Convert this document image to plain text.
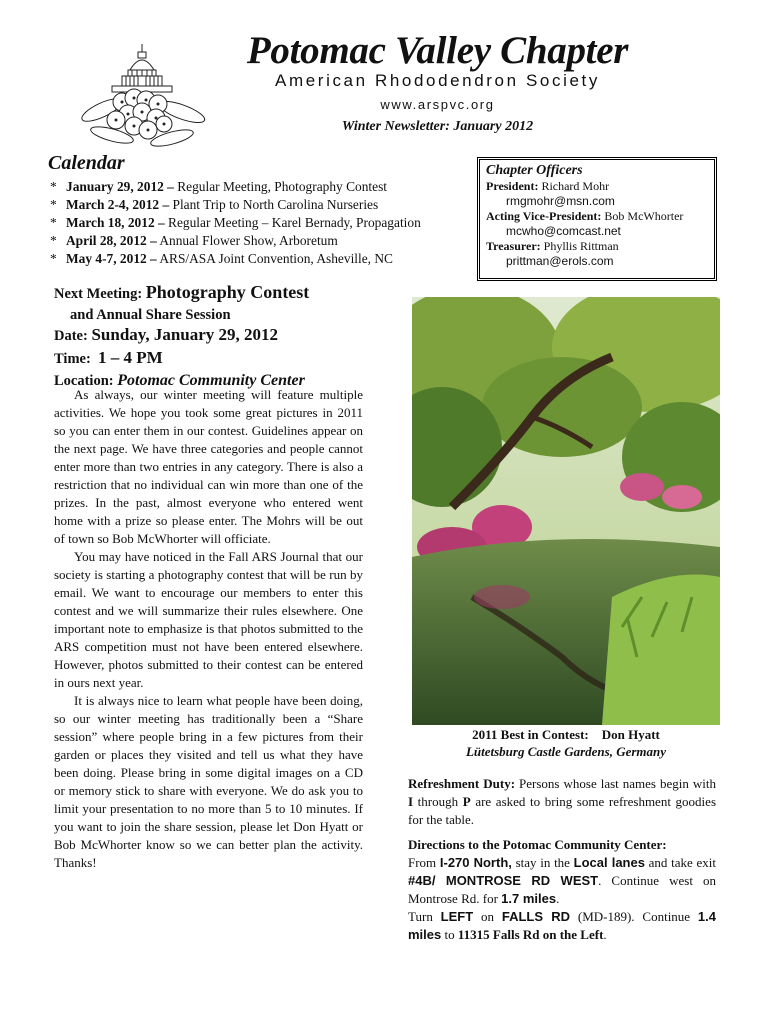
Potomac Valley Chapter
American Rhododendron Society
www.arspvc.org
Winter Newsletter: January 2012
Calendar
* January 29, 2012 – Regular Meeting, Photography Contest
* March 2-4, 2012 – Plant Trip to North Carolina Nurseries
* March 18, 2012 – Regular Meeting – Karel Bernady, Propagation
* April 28, 2012 – Annual Flower Show, Arboretum
* May 4-7, 2012 – ARS/ASA Joint Convention, Asheville, NC
Chapter Officers
President: Richard Mohr
rmgmohr@msn.com
Acting Vice-President: Bob McWhorter
mcwho@comcast.net
Treasurer: Phyllis Rittman
prittman@erols.com
Next Meeting: Photography Contest
and Annual Share Session
Date: Sunday, January 29, 2012
Time: 1 – 4 PM
Location: Potomac Community Center

As always, our winter meeting will feature multiple activities. We hope you took some great pictures in 2011 so you can enter them in our contest. Guidelines appear on the next page. We have three categories and people cannot enter more than two entries in any category. There is also a restriction that no individual can win more than one of the prizes. In the past, almost everyone who entered went home with a prize so please enter. The Mohrs will be out of town so Bob McWhorter will officiate.

You may have noticed in the Fall ARS Journal that our society is starting a photography contest that will be run by email. We want to encourage our members to enter this contest and we will summarize their rules elsewhere. One important note to emphasize is that photos submitted to the ARS competition must not have been entered elsewhere. However, photos submitted to their contest can be entered in ours next year.

It is always nice to learn what people have been doing, so our winter meeting has traditionally been a “Share session” where people bring in a few pictures from their garden or places they visited and tell us what they have been doing. Please bring in some digital images on a CD or memory stick to share with everyone. We do ask you to limit your presentation to no more than 5 to 10 minutes. If you want to join the share session, please let Don Hyatt or Bob McWhorter know so we can better plan the activity. Thanks!

2011 Best in Contest: Don Hyatt
Lütetsburg Castle Gardens, Germany
Refreshment Duty: Persons whose last names begin with I through P are asked to bring some refreshment goodies for the table.
Directions to the Potomac Community Center:
From I-270 North, stay in the Local lanes and take exit #4B/ MONTROSE RD WEST. Continue west on Montrose Rd. for 1.7 miles.
Turn LEFT on FALLS RD (MD-189). Continue 1.4 miles to 11315 Falls Rd on the Left.
